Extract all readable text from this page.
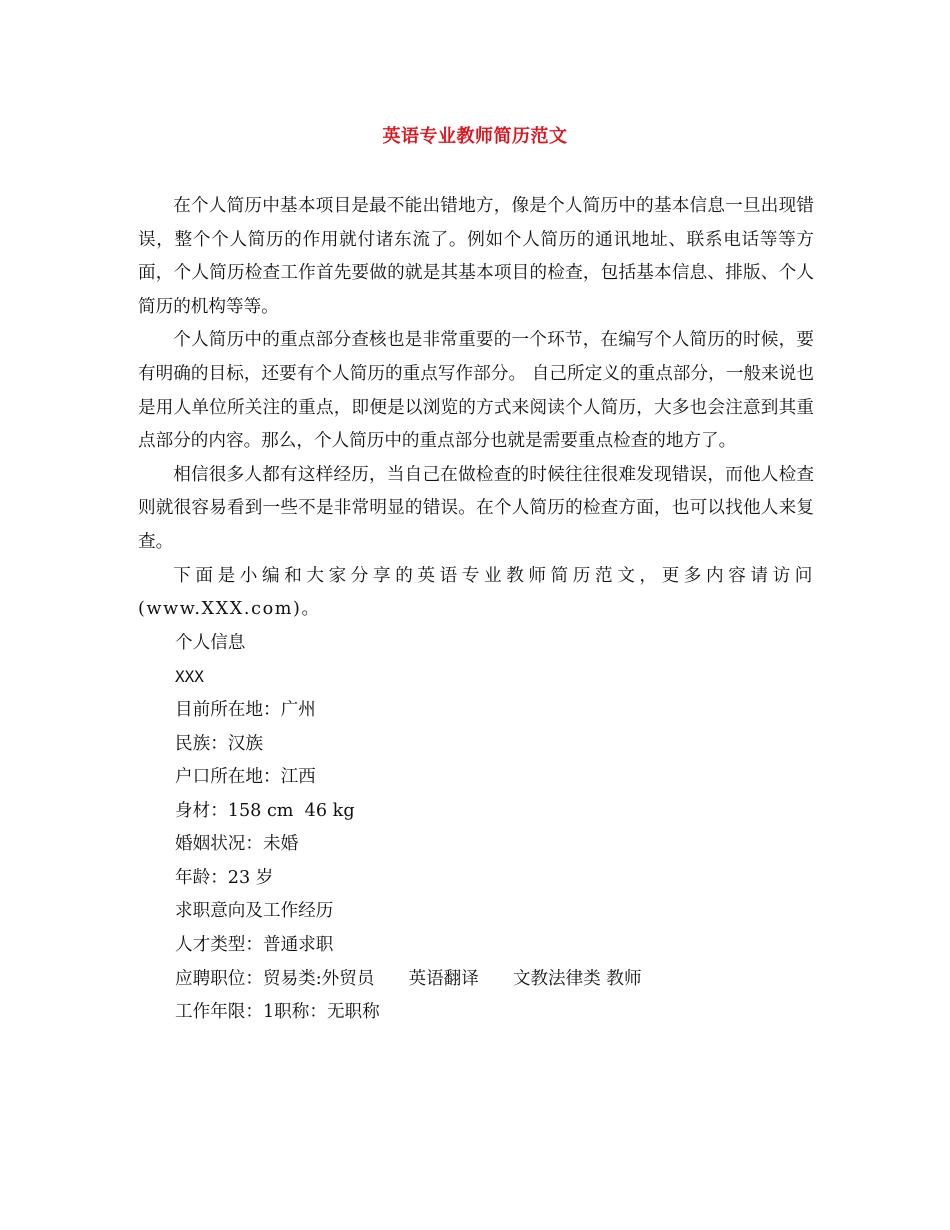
英语专业教师简历范文

在个人简历中基本项目是最不能出错地方，像是个人简历中的基本信息一旦出现错误，整个个人简历的作用就付诸东流了。例如个人简历的通讯地址、联系电话等等方面，个人简历检查工作首先要做的就是其基本项目的检查，包括基本信息、排版、个人简历的机构等等。

个人简历中的重点部分查核也是非常重要的一个环节，在编写个人简历的时候，要有明确的目标，还要有个人简历的重点写作部分。 自己所定义的重点部分，一般来说也是用人单位所关注的重点，即便是以浏览的方式来阅读个人简历，大多也会注意到其重点部分的内容。那么，个人简历中的重点部分也就是需要重点检查的地方了。

相信很多人都有这样经历，当自己在做检查的时候往往很难发现错误，而他人检查则就很容易看到一些不是非常明显的错误。在个人简历的检查方面，也可以找他人来复查。

下面是小编和大家分享的英语专业教师简历范文，更多内容请访问(www.XXX.com)。

个人信息

XXX

目前所在地：广州

民族：汉族

户口所在地：江西

身材：158 cm  46 kg

婚姻状况：未婚

年龄：23 岁

求职意向及工作经历

人才类型：普通求职

应聘职位：贸易类:外贸员 英语翻译 文教法律类 教师

工作年限：1职称：无职称
